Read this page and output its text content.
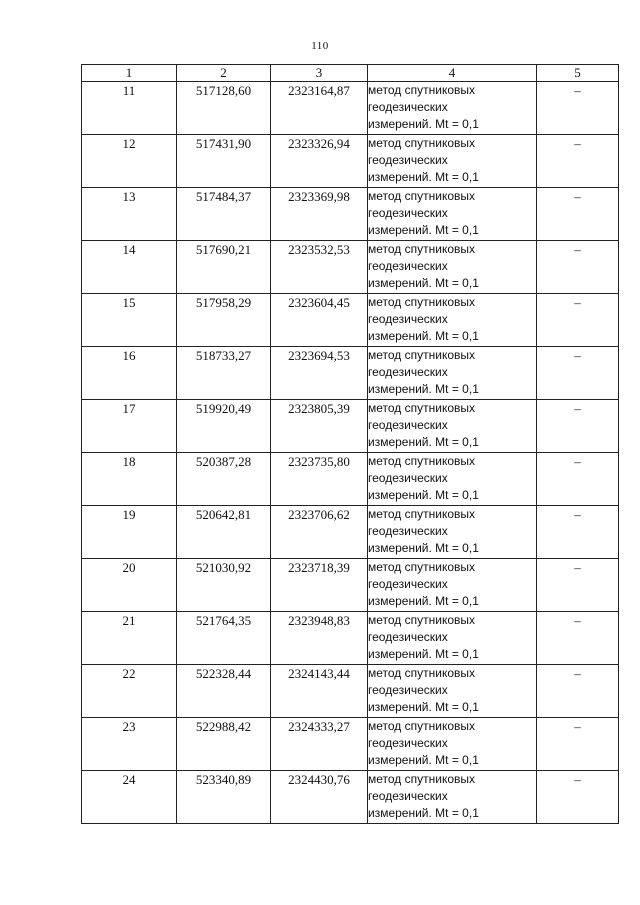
110
1	2	3	4	5
11	517128,60	2323164,87	метод спутниковых
геодезических
измерений. Mt = 0,1	–
12	517431,90	2323326,94	метод спутниковых
геодезических
измерений. Mt = 0,1	–
13	517484,37	2323369,98	метод спутниковых
геодезических
измерений. Mt = 0,1	–
14	517690,21	2323532,53	метод спутниковых
геодезических
измерений. Mt = 0,1	–
15	517958,29	2323604,45	метод спутниковых
геодезических
измерений. Mt = 0,1	–
16	518733,27	2323694,53	метод спутниковых
геодезических
измерений. Mt = 0,1	–
17	519920,49	2323805,39	метод спутниковых
геодезических
измерений. Mt = 0,1	–
18	520387,28	2323735,80	метод спутниковых
геодезических
измерений. Mt = 0,1	–
19	520642,81	2323706,62	метод спутниковых
геодезических
измерений. Mt = 0,1	–
20	521030,92	2323718,39	метод спутниковых
геодезических
измерений. Mt = 0,1	–
21	521764,35	2323948,83	метод спутниковых
геодезических
измерений. Mt = 0,1	–
22	522328,44	2324143,44	метод спутниковых
геодезических
измерений. Mt = 0,1	–
23	522988,42	2324333,27	метод спутниковых
геодезических
измерений. Mt = 0,1	–
24	523340,89	2324430,76	метод спутниковых
геодезических
измерений. Mt = 0,1	–
